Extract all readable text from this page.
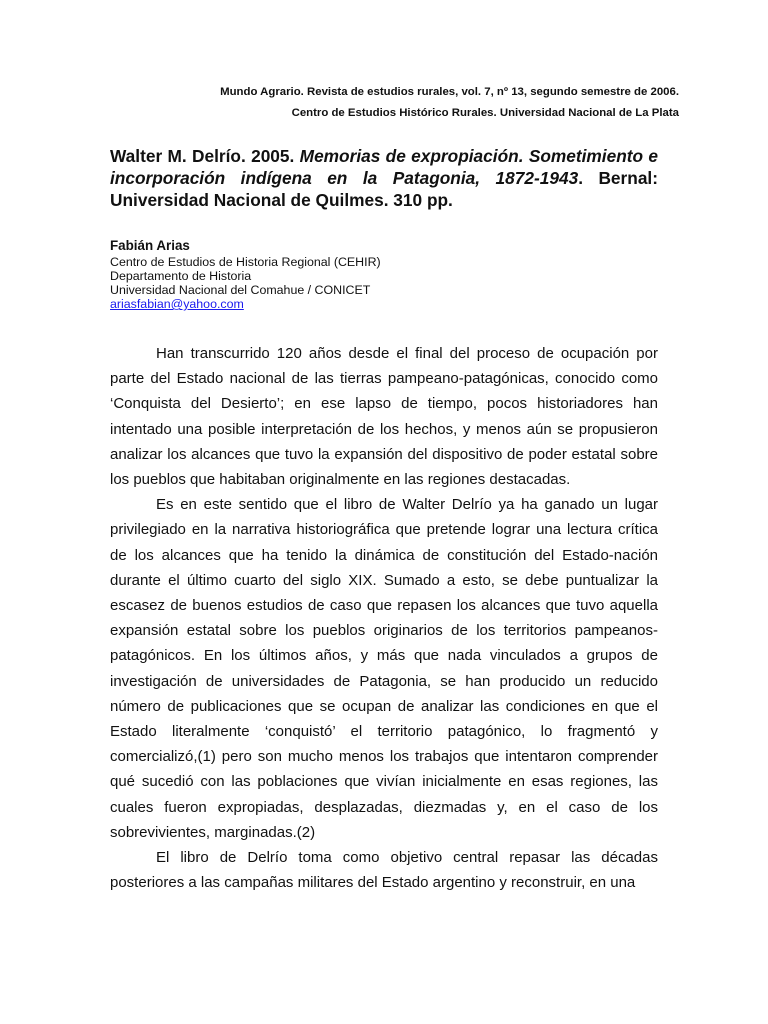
Mundo Agrario. Revista de estudios rurales, vol. 7, nº 13, segundo semestre de 2006.
Centro de Estudios Histórico Rurales. Universidad Nacional de La Plata
Walter M. Delrío. 2005. Memorias de expropiación. Sometimiento e incorporación indígena en la Patagonia, 1872-1943. Bernal: Universidad Nacional de Quilmes. 310 pp.
Fabián Arias
Centro de Estudios de Historia Regional (CEHIR)
Departamento de Historia
Universidad Nacional del Comahue / CONICET
ariasfabian@yahoo.com

Han transcurrido 120 años desde el final del proceso de ocupación por parte del Estado nacional de las tierras pampeano-patagónicas, conocido como ‘Conquista del Desierto’; en ese lapso de tiempo, pocos historiadores han intentado una posible interpretación de los hechos, y menos aún se propusieron analizar los alcances que tuvo la expansión del dispositivo de poder estatal sobre los pueblos que habitaban originalmente en las regiones destacadas.

Es en este sentido que el libro de Walter Delrío ya ha ganado un lugar privilegiado en la narrativa historiográfica que pretende lograr una lectura crítica de los alcances que ha tenido la dinámica de constitución del Estado-nación durante el último cuarto del siglo XIX. Sumado a esto, se debe puntualizar la escasez de buenos estudios de caso que repasen los alcances que tuvo aquella expansión estatal sobre los pueblos originarios de los territorios pampeanos-patagónicos. En los últimos años, y más que nada vinculados a grupos de investigación de universidades de Patagonia, se han producido un reducido número de publicaciones que se ocupan de analizar las condiciones en que el Estado literalmente ‘conquistó’ el territorio patagónico, lo fragmentó y comercializó,(1) pero son mucho menos los trabajos que intentaron comprender qué sucedió con las poblaciones que vivían inicialmente en esas regiones, las cuales fueron expropiadas, desplazadas, diezmadas y, en el caso de los sobrevivientes, marginadas.(2)

El libro de Delrío toma como objetivo central repasar las décadas posteriores a las campañas militares del Estado argentino y reconstruir, en una
